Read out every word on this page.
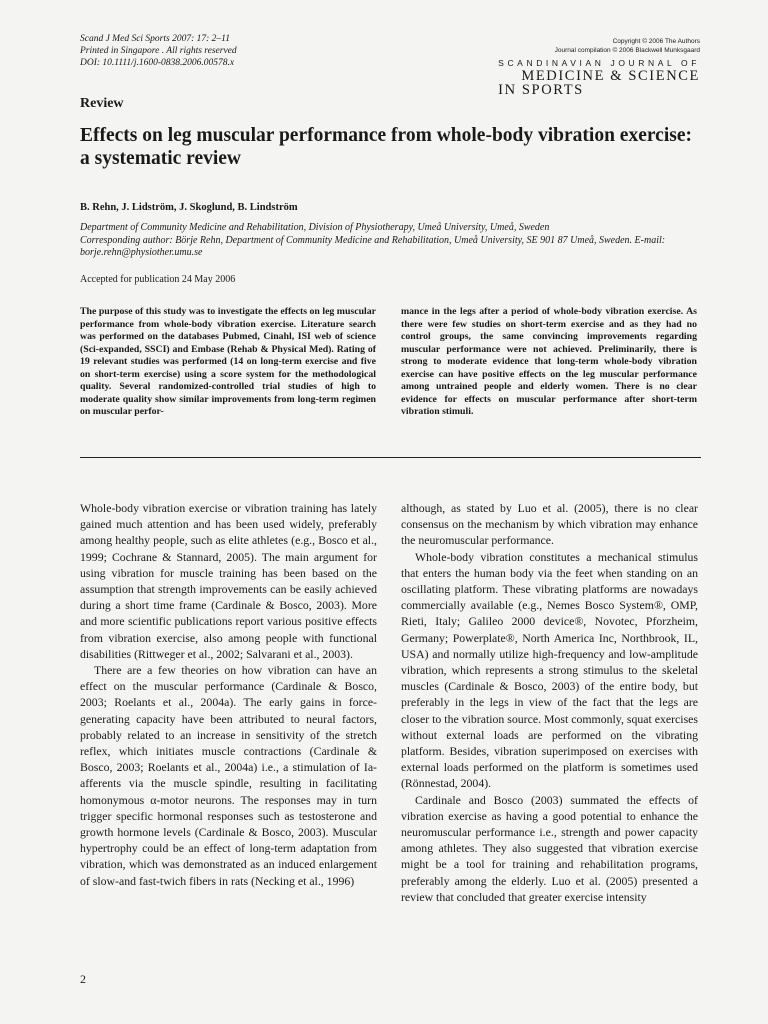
Scand J Med Sci Sports 2007: 17: 2–11
Printed in Singapore . All rights reserved
DOI: 10.1111/j.1600-0838.2006.00578.x
Copyright © 2006 The Authors
Journal compilation © 2006 Blackwell Munksgaard
SCANDINAVIAN JOURNAL OF
MEDICINE & SCIENCE
IN SPORTS
Review
Effects on leg muscular performance from whole-body vibration exercise: a systematic review
B. Rehn, J. Lidström, J. Skoglund, B. Lindström
Department of Community Medicine and Rehabilitation, Division of Physiotherapy, Umeå University, Umeå, Sweden
Corresponding author: Börje Rehn, Department of Community Medicine and Rehabilitation, Umeå University, SE 901 87 Umeå, Sweden. E-mail: borje.rehn@physiother.umu.se
Accepted for publication 24 May 2006
The purpose of this study was to investigate the effects on leg muscular performance from whole-body vibration exercise. Literature search was performed on the databases Pubmed, Cinahl, ISI web of science (Sci-expanded, SSCI) and Embase (Rehab & Physical Med). Rating of 19 relevant studies was performed (14 on long-term exercise and five on short-term exercise) using a score system for the methodological quality. Several randomized-controlled trial studies of high to moderate quality show similar improvements from long-term regimen on muscular perfor-
mance in the legs after a period of whole-body vibration exercise. As there were few studies on short-term exercise and as they had no control groups, the same convincing improvements regarding muscular performance were not achieved. Preliminarily, there is strong to moderate evidence that long-term whole-body vibration exercise can have positive effects on the leg muscular performance among untrained people and elderly women. There is no clear evidence for effects on muscular performance after short-term vibration stimuli.

Whole-body vibration exercise or vibration training has lately gained much attention and has been used widely, preferably among healthy people, such as elite athletes (e.g., Bosco et al., 1999; Cochrane & Stannard, 2005). The main argument for using vibration for muscle training has been based on the assumption that strength improvements can be easily achieved during a short time frame (Cardinale & Bosco, 2003). More and more scientific publications report various positive effects from vibration exercise, also among people with functional disabilities (Rittweger et al., 2002; Salvarani et al., 2003).

There are a few theories on how vibration can have an effect on the muscular performance (Cardinale & Bosco, 2003; Roelants et al., 2004a). The early gains in force-generating capacity have been attributed to neural factors, probably related to an increase in sensitivity of the stretch reflex, which initiates muscle contractions (Cardinale & Bosco, 2003; Roelants et al., 2004a) i.e., a stimulation of Ia-afferents via the muscle spindle, resulting in facilitating homonymous α-motor neurons. The responses may in turn trigger specific hormonal responses such as testosterone and growth hormone levels (Cardinale & Bosco, 2003). Muscular hypertrophy could be an effect of long-term adaptation from vibration, which was demonstrated as an induced enlargement of slow-and fast-twich fibers in rats (Necking et al., 1996)

although, as stated by Luo et al. (2005), there is no clear consensus on the mechanism by which vibration may enhance the neuromuscular performance.

Whole-body vibration constitutes a mechanical stimulus that enters the human body via the feet when standing on an oscillating platform. These vibrating platforms are nowadays commercially available (e.g., Nemes Bosco System®, OMP, Rieti, Italy; Galileo 2000 device®, Novotec, Pforzheim, Germany; Powerplate®, North America Inc, Northbrook, IL, USA) and normally utilize high-frequency and low-amplitude vibration, which represents a strong stimulus to the skeletal muscles (Cardinale & Bosco, 2003) of the entire body, but preferably in the legs in view of the fact that the legs are closer to the vibration source. Most commonly, squat exercises without external loads are performed on the vibrating platform. Besides, vibration superimposed on exercises with external loads performed on the platform is sometimes used (Rönnestad, 2004).

Cardinale and Bosco (2003) summated the effects of vibration exercise as having a good potential to enhance the neuromuscular performance i.e., strength and power capacity among athletes. They also suggested that vibration exercise might be a tool for training and rehabilitation programs, preferably among the elderly. Luo et al. (2005) presented a review that concluded that greater exercise intensity

2
